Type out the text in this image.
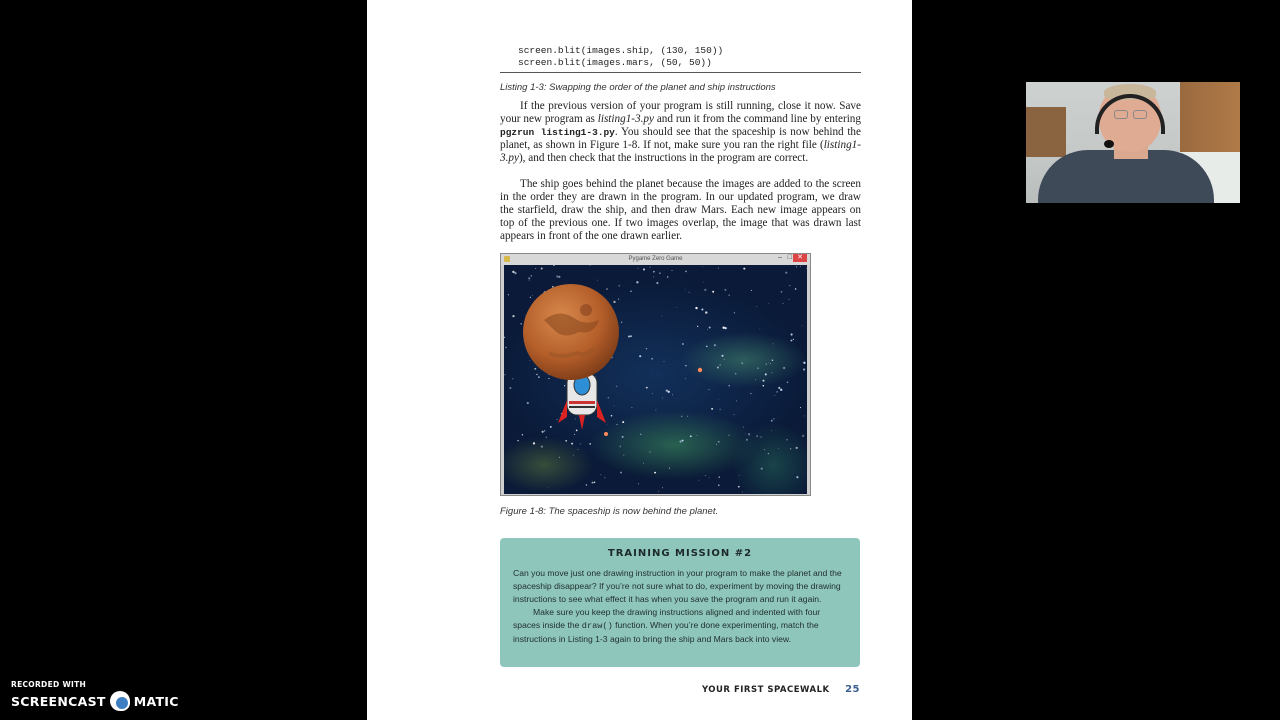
screen.blit(images.ship, (130, 150))
screen.blit(images.mars, (50, 50))
Listing 1-3: Swapping the order of the planet and ship instructions
If the previous version of your program is still running, close it now. Save your new program as listing1-3.py and run it from the command line by entering pgzrun listing1-3.py. You should see that the spaceship is now behind the planet, as shown in Figure 1-8. If not, make sure you ran the right file (listing1-3.py), and then check that the instructions in the program are correct.
The ship goes behind the planet because the images are added to the screen in the order they are drawn in the program. In our updated program, we draw the starfield, draw the ship, and then draw Mars. Each new image appears on top of the previous one. If two images overlap, the image that was drawn last appears in front of the one drawn earlier.
Pygame Zero Game	– □ ✕
Figure 1-8: The spaceship is now behind the planet.
TRAINING MISSION #2

Can you move just one drawing instruction in your program to make the planet and the spaceship disappear? If you’re not sure what to do, experiment by moving the drawing instructions to see what effect it has when you save the program and run it again.

Make sure you keep the drawing instructions aligned and indented with four spaces inside the draw() function. When you’re done experimenting, match the instructions in Listing 1-3 again to bring the ship and Mars back into view.

YOUR FIRST SPACEWALK 25
RECORDED WITH
SCREENCAST MATIC
